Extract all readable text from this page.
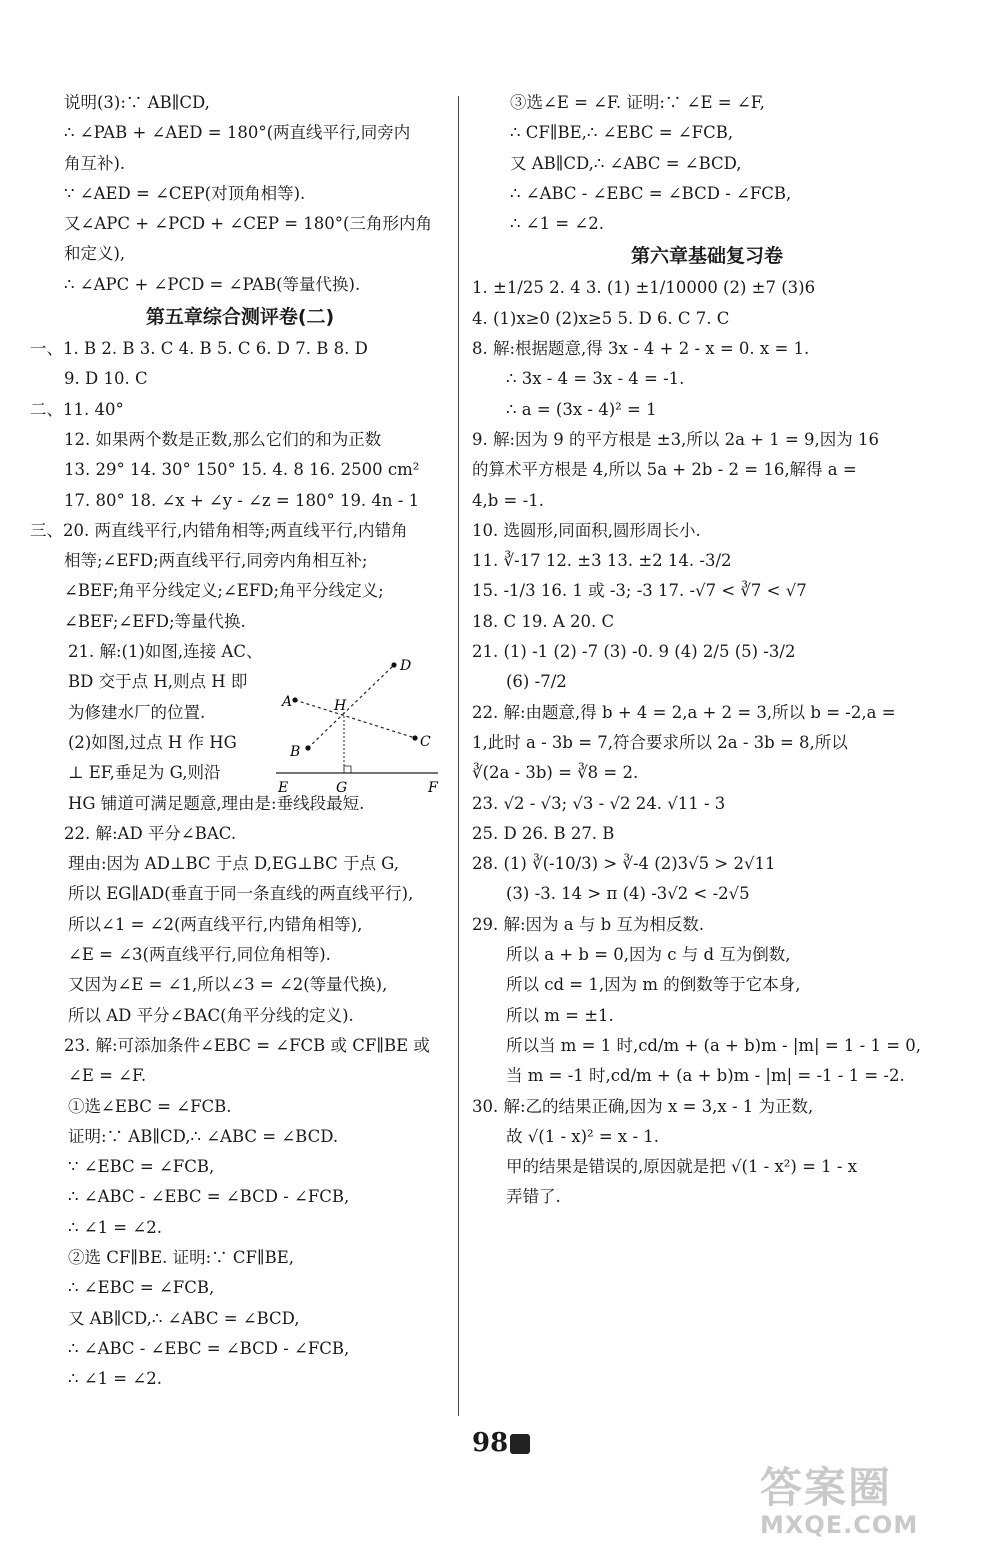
说明(3):∵ AB∥CD,
∴ ∠PAB + ∠AED = 180°(两直线平行,同旁内
角互补).
∵ ∠AED = ∠CEP(对顶角相等).
又∠APC + ∠PCD + ∠CEP = 180°(三角形内角
和定义),
∴ ∠APC + ∠PCD = ∠PAB(等量代换).
第五章综合测评卷(二)
一、1. B 2. B 3. C 4. B 5. C 6. D 7. B 8. D
9. D 10. C
二、11. 40°
12. 如果两个数是正数,那么它们的和为正数
13. 29° 14. 30° 150° 15. 4. 8 16. 2500 cm²
17. 80° 18. ∠x + ∠y - ∠z = 180° 19. 4n - 1
三、20. 两直线平行,内错角相等;两直线平行,内错角
相等;∠EFD;两直线平行,同旁内角相互补;
∠BEF;角平分线定义;∠EFD;角平分线定义;
∠BEF;∠EFD;等量代换.
21. 解:(1)如图,连接 AC、
BD 交于点 H,则点 H 即
为修建水厂的位置.
(2)如图,过点 H 作 HG
⊥ EF,垂足为 G,则沿
HG 铺道可满足题意,理由是:垂线段最短.
22. 解:AD 平分∠BAC.
理由:因为 AD⊥BC 于点 D,EG⊥BC 于点 G,
所以 EG∥AD(垂直于同一条直线的两直线平行),
所以∠1 = ∠2(两直线平行,内错角相等),
∠E = ∠3(两直线平行,同位角相等).
又因为∠E = ∠1,所以∠3 = ∠2(等量代换),
所以 AD 平分∠BAC(角平分线的定义).
23. 解:可添加条件∠EBC = ∠FCB 或 CF∥BE 或
∠E = ∠F.
①选∠EBC = ∠FCB.
证明:∵ AB∥CD,∴ ∠ABC = ∠BCD.
∵ ∠EBC = ∠FCB,
∴ ∠ABC - ∠EBC = ∠BCD - ∠FCB,
∴ ∠1 = ∠2.
②选 CF∥BE. 证明:∵ CF∥BE,
∴ ∠EBC = ∠FCB,
又 AB∥CD,∴ ∠ABC = ∠BCD,
∴ ∠ABC - ∠EBC = ∠BCD - ∠FCB,
∴ ∠1 = ∠2.
A
B
C
D
H
E	G	F
③选∠E = ∠F. 证明:∵ ∠E = ∠F,
∴ CF∥BE,∴ ∠EBC = ∠FCB,
又 AB∥CD,∴ ∠ABC = ∠BCD,
∴ ∠ABC - ∠EBC = ∠BCD - ∠FCB,
∴ ∠1 = ∠2.
第六章基础复习卷
1. ±1/25 2. 4 3. (1) ±1/10000 (2) ±7 (3)6
4. (1)x≥0 (2)x≥5 5. D 6. C 7. C
8. 解:根据题意,得 3x - 4 + 2 - x = 0. x = 1.
∴ 3x - 4 = 3x - 4 = -1.
∴ a = (3x - 4)² = 1
9. 解:因为 9 的平方根是 ±3,所以 2a + 1 = 9,因为 16
的算术平方根是 4,所以 5a + 2b - 2 = 16,解得 a =
4,b = -1.
10. 选圆形,同面积,圆形周长小.
11. ∛-17 12. ±3 13. ±2 14. -3/2
15. -1/3 16. 1 或 -3; -3 17. -√7 < ∛7 < √7
18. C 19. A 20. C
21. (1) -1 (2) -7 (3) -0. 9 (4) 2/5 (5) -3/2
(6) -7/2
22. 解:由题意,得 b + 4 = 2,a + 2 = 3,所以 b = -2,a =
1,此时 a - 3b = 7,符合要求所以 2a - 3b = 8,所以
∛(2a - 3b) = ∛8 = 2.
23. √2 - √3; √3 - √2 24. √11 - 3
25. D 26. B 27. B
28. (1) ∛(-10/3) > ∛-4 (2)3√5 > 2√11
(3) -3. 14 > π (4) -3√2 < -2√5
29. 解:因为 a 与 b 互为相反数.
所以 a + b = 0,因为 c 与 d 互为倒数,
所以 cd = 1,因为 m 的倒数等于它本身,
所以 m = ±1.
所以当 m = 1 时,cd/m + (a + b)m - |m| = 1 - 1 = 0,
当 m = -1 时,cd/m + (a + b)m - |m| = -1 - 1 = -2.
30. 解:乙的结果正确,因为 x = 3,x - 1 为正数,
故 √(1 - x)² = x - 1.
甲的结果是错误的,原因就是把 √(1 - x²) = 1 - x
弄错了.
98
答案圈
MXQE.COM
